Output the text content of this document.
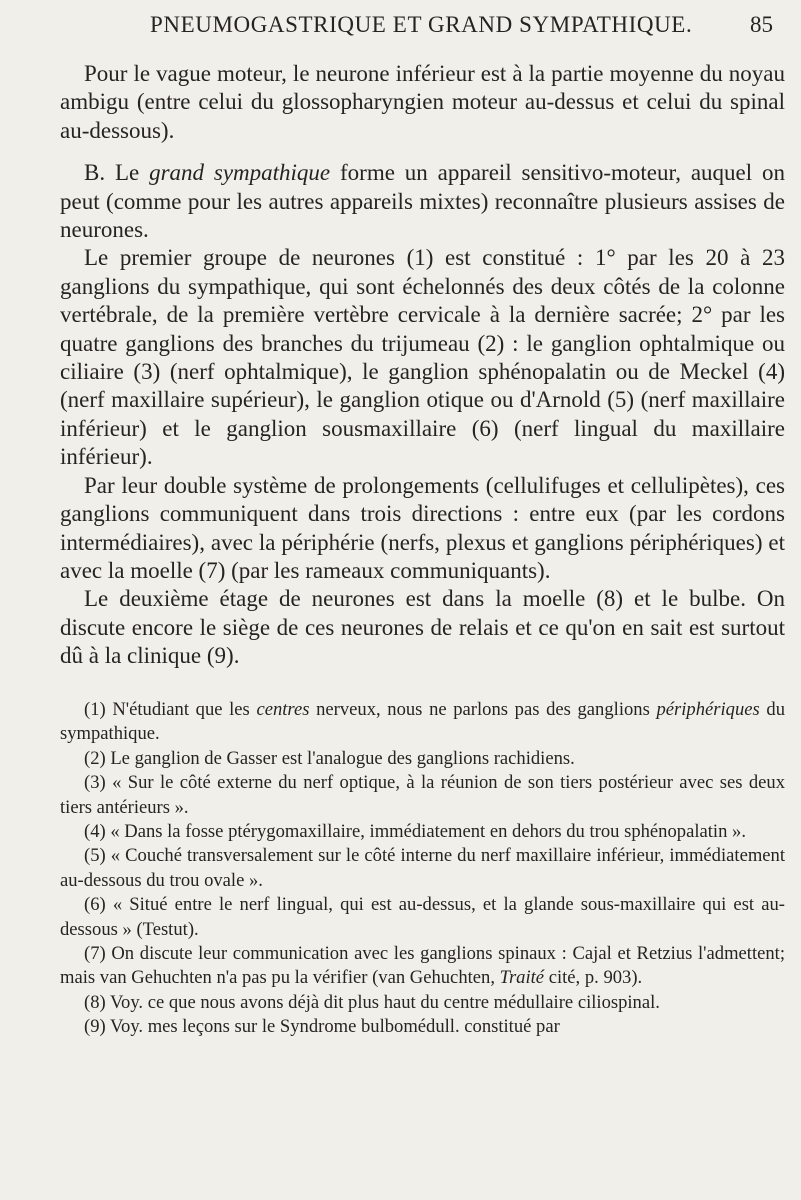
PNEUMOGASTRIQUE ET GRAND SYMPATHIQUE.	85

Pour le vague moteur, le neurone inférieur est à la partie moyenne du noyau ambigu (entre celui du glossopharyngien moteur au-dessus et celui du spinal au-dessous).

B. Le grand sympathique forme un appareil sensitivo-moteur, auquel on peut (comme pour les autres appareils mixtes) reconnaître plusieurs assises de neurones.

Le premier groupe de neurones (1) est constitué : 1° par les 20 à 23 ganglions du sympathique, qui sont échelonnés des deux côtés de la colonne vertébrale, de la première vertèbre cervicale à la dernière sacrée; 2° par les quatre ganglions des branches du trijumeau (2) : le ganglion ophtalmique ou ciliaire (3) (nerf ophtalmique), le ganglion sphénopalatin ou de Meckel (4) (nerf maxillaire supérieur), le ganglion otique ou d'Arnold (5) (nerf maxillaire inférieur) et le ganglion sousmaxillaire (6) (nerf lingual du maxillaire inférieur).

Par leur double système de prolongements (cellulifuges et cellulipètes), ces ganglions communiquent dans trois directions : entre eux (par les cordons intermédiaires), avec la périphérie (nerfs, plexus et ganglions périphériques) et avec la moelle (7) (par les rameaux communiquants).

Le deuxième étage de neurones est dans la moelle (8) et le bulbe. On discute encore le siège de ces neurones de relais et ce qu'on en sait est surtout dû à la clinique (9).

(1) N'étudiant que les centres nerveux, nous ne parlons pas des ganglions périphériques du sympathique.

(2) Le ganglion de Gasser est l'analogue des ganglions rachidiens.

(3) « Sur le côté externe du nerf optique, à la réunion de son tiers postérieur avec ses deux tiers antérieurs ».

(4) « Dans la fosse ptérygomaxillaire, immédiatement en dehors du trou sphénopalatin ».

(5) « Couché transversalement sur le côté interne du nerf maxillaire inférieur, immédiatement au-dessous du trou ovale ».

(6) « Situé entre le nerf lingual, qui est au-dessus, et la glande sous-maxillaire qui est au-dessous » (Testut).

(7) On discute leur communication avec les ganglions spinaux : Cajal et Retzius l'admettent; mais van Gehuchten n'a pas pu la vérifier (van Gehuchten, Traité cité, p. 903).

(8) Voy. ce que nous avons déjà dit plus haut du centre médullaire ciliospinal.

(9) Voy. mes leçons sur le Syndrome bulbomédull. constitué par
